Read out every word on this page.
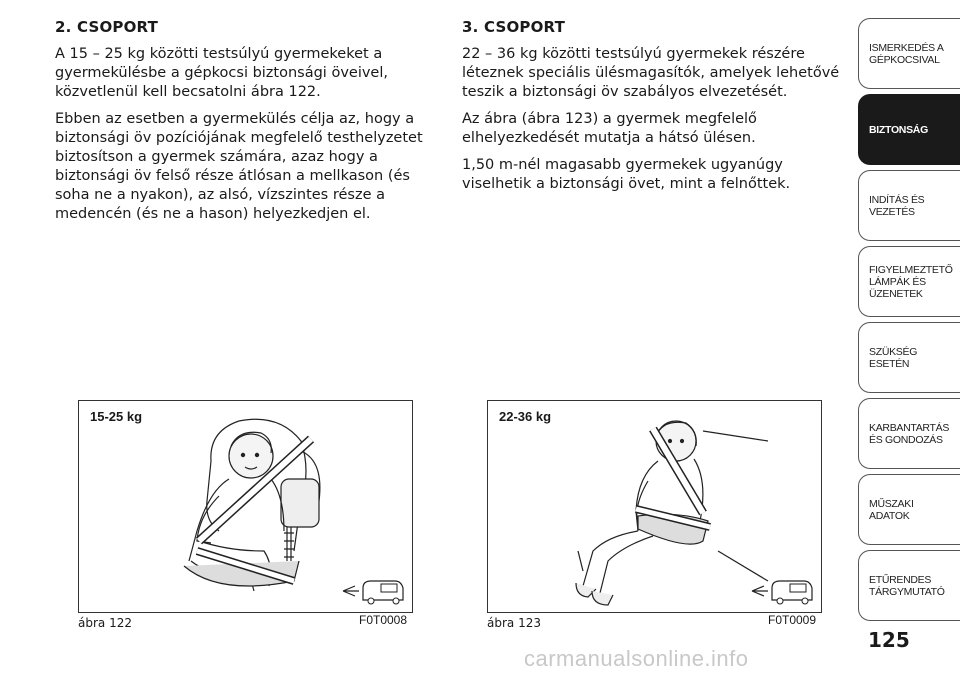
2. CSOPORT

A 15 – 25 kg közötti testsúlyú gyermekeket a gyermekülésbe a gépkocsi biztonsági öveivel, közvetlenül kell becsatolni ábra 122.

Ebben az esetben a gyermekülés célja az, hogy a biztonsági öv pozíciójának megfelelő testhelyzetet biztosítson a gyermek számára, azaz hogy a biztonsági öv felső része átlósan a mellkason (és soha ne a nyakon), az alsó, vízszintes része a medencén (és ne a hason) helyezkedjen el.

3. CSOPORT

22 – 36 kg közötti testsúlyú gyermekek részére léteznek speciális ülésmagasítók, amelyek lehetővé teszik a biztonsági öv szabályos elvezetését.

Az ábra (ábra 123) a gyermek megfelelő elhelyezkedését mutatja a hátsó ülésen.

1,50 m-nél magasabb gyermekek ugyanúgy viselhetik a biztonsági övet, mint a felnőttek.

15-25 kg
ábra 122	F0T0008
22-36 kg
ábra 123	F0T0009
ISMERKEDÉS A GÉPKOCSIVAL
BIZTONSÁG
INDÍTÁS ÉS VEZETÉS
FIGYELMEZTETŐ LÁMPÁK ÉS ÜZENETEK
SZÜKSÉG ESETÉN
KARBANTARTÁS ÉS GONDOZÁS
MŰSZAKI ADATOK
ETŰRENDES TÁRGYMUTATÓ
125
carmanualsonline.info
